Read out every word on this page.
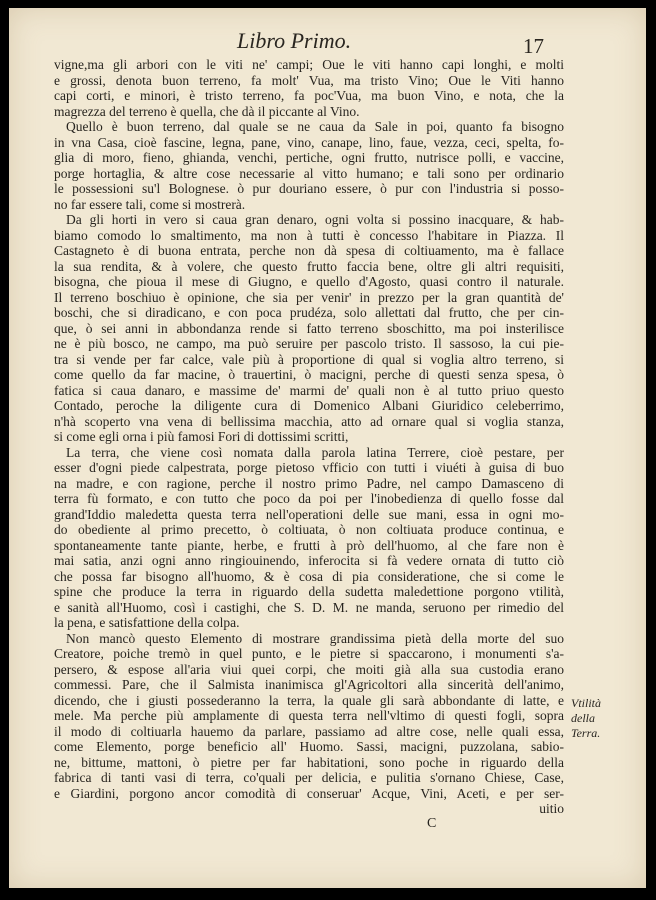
Libro Primo.	17
vigne,ma gli arbori con le viti ne' campi; Oue le viti hanno capi longhi, e molti
e grossi, denota buon terreno, fa molt' Vua, ma tristo Vino; Oue le Viti hanno
capi corti, e minori, è tristo terreno, fa poc'Vua, ma buon Vino, e nota, che la
magrezza del terreno è quella, che dà il piccante al Vino.
Quello è buon terreno, dal quale se ne caua da Sale in poi, quanto fa bisogno
in vna Casa, cioè fascine, legna, pane, vino, canape, lino, faue, vezza, ceci, spelta, fo-
glia di moro, fieno, ghianda, venchi, pertiche, ogni frutto, nutrisce polli, e vaccine,
porge hortaglia, & altre cose necessarie al vitto humano; e tali sono per ordinario
le possessioni su'l Bolognese. ò pur douriano essere, ò pur con l'industria si posso-
no far essere tali, come si mostrerà.
Da gli horti in vero si caua gran denaro, ogni volta si possino inacquare, & hab-
biamo comodo lo smaltimento, ma non à tutti è concesso l'habitare in Piazza. Il
Castagneto è di buona entrata, perche non dà spesa di coltiuamento, ma è fallace
la sua rendita, & à volere, che questo frutto faccia bene, oltre gli altri requisiti,
bisogna, che pioua il mese di Giugno, e quello d'Agosto, quasi contro il naturale.
Il terreno boschiuo è opinione, che sia per venir' in prezzo per la gran quantità de'
boschi, che si diradicano, e con poca prudéza, solo allettati dal frutto, che per cin-
que, ò sei anni in abbondanza rende si fatto terreno sboschitto, ma poi insterilisce
ne è più bosco, ne campo, ma può seruire per pascolo tristo. Il sassoso, la cui pie-
tra si vende per far calce, vale più à proportione di qual si voglia altro terreno, si
come quello da far macine, ò trauertini, ò macigni, perche di questi senza spesa, ò
fatica si caua danaro, e massime de' marmi de' quali non è al tutto priuo questo
Contado, peroche la diligente cura di Domenico Albani Giuridico celeberrimo,
n'hà scoperto vna vena di bellissima macchia, atto ad ornare qual si voglia stanza,
si come egli orna i più famosi Fori di dottissimi scritti,
La terra, che viene così nomata dalla parola latina Terrere, cioè pestare, per
esser d'ogni piede calpestrata, porge pietoso vfficio con tutti i viuéti à guisa di buo
na madre, e con ragione, perche il nostro primo Padre, nel campo Damasceno di
terra fù formato, e con tutto che poco da poi per l'inobedienza di quello fosse dal
grand'Iddio maledetta questa terra nell'operationi delle sue mani, essa in ogni mo-
do obediente al primo precetto, ò coltiuata, ò non coltiuata produce continua, e
spontaneamente tante piante, herbe, e frutti à prò dell'huomo, al che fare non è
mai satia, anzi ogni anno ringiouinendo, inferocita si fà vedere ornata di tutto ciò
che possa far bisogno all'huomo, & è cosa di pia consideratione, che si come le
spine che produce la terra in riguardo della sudetta maledettione porgono vtilità,
e sanità all'Huomo, così i castighi, che S. D. M. ne manda, seruono per rimedio del
la pena, e satisfattione della colpa.
Non mancò questo Elemento di mostrare grandissima pietà della morte del suo
Creatore, poiche tremò in quel punto, e le pietre si spaccarono, i monumenti s'a-
persero, & espose all'aria viui quei corpi, che moiti già alla sua custodia erano
commessi. Pare, che il Salmista inanimisca gl'Agricoltori alla sincerità dell'animo,
dicendo, che i giusti possederanno la terra, la quale gli sarà abbondante di latte, e
mele. Ma perche più amplamente di questa terra nell'vltimo di questi fogli, sopra
il modo di coltiuarla hauemo da parlare, passiamo ad altre cose, nelle quali essa,
come Elemento, porge beneficio all' Huomo. Sassi, macigni, puzzolana, sabio-
ne, bittume, mattoni, ò pietre per far habitationi, sono poche in riguardo della
fabrica di tanti vasi di terra, co'quali per delicia, e pulitia s'ornano Chiese, Case,
e Giardini, porgono ancor comodità di conseruar' Acque, Vini, Aceti, e per ser-
uitio
Vtilità
della
Terra.
C
